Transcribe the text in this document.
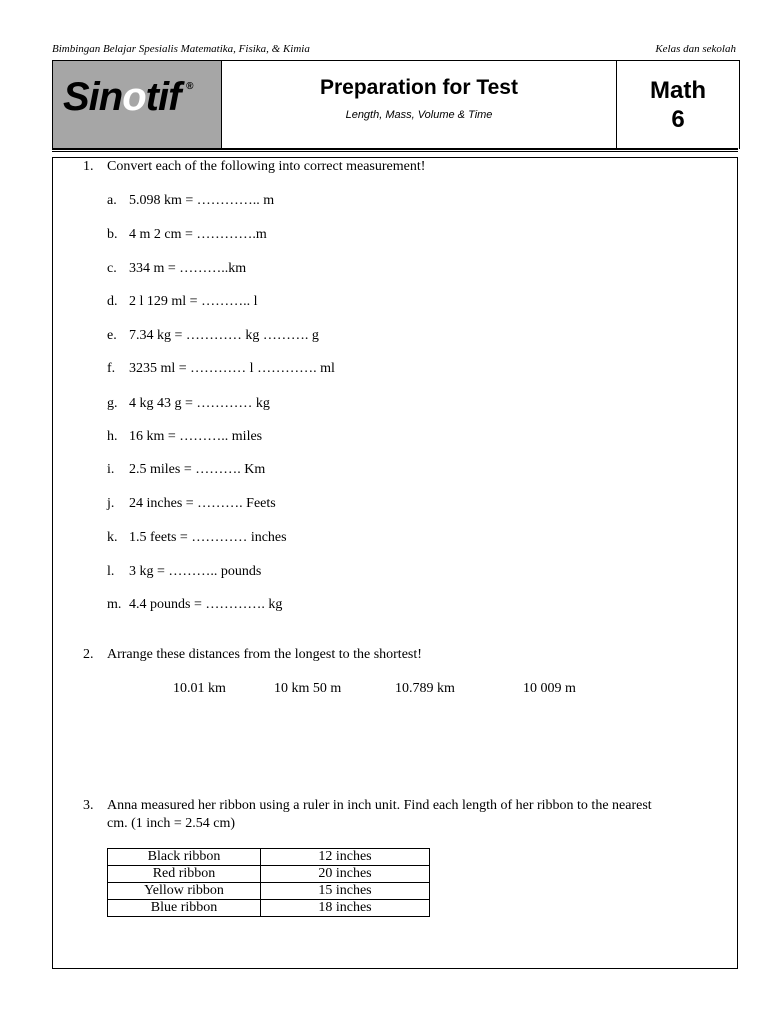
Bimbingan Belajar Spesialis Matematika, Fisika, & Kimia	Kelas dan sekolah
Sinotif ®	Preparation for Test
Length, Mass, Volume & Time
Math
6
1. Convert each of the following into correct measurement!
a. 5.098 km = ………….. m
b. 4 m 2 cm = ………….m
c. 334 m = ………..km
d. 2 l 129 ml = ……….. l
e. 7.34 kg = ………… kg ………. g
f. 3235 ml = ………… l …………. ml
g. 4 kg 43 g = ………… kg
h. 16 km = ……….. miles
i. 2.5 miles = ………. Km
j. 24 inches = ………. Feets
k. 1.5 feets = ………… inches
l. 3 kg = ……….. pounds
m. 4.4 pounds = …………. kg
2. Arrange these distances from the longest to the shortest!
10.01 km	10 km 50 m	10.789 km	10 009 m
3. Anna measured her ribbon using a ruler in inch unit. Find each length of her ribbon to the nearest
cm. (1 inch = 2.54 cm)
Black ribbon	12 inches
Red ribbon	20 inches
Yellow ribbon	15 inches
Blue ribbon	18 inches
